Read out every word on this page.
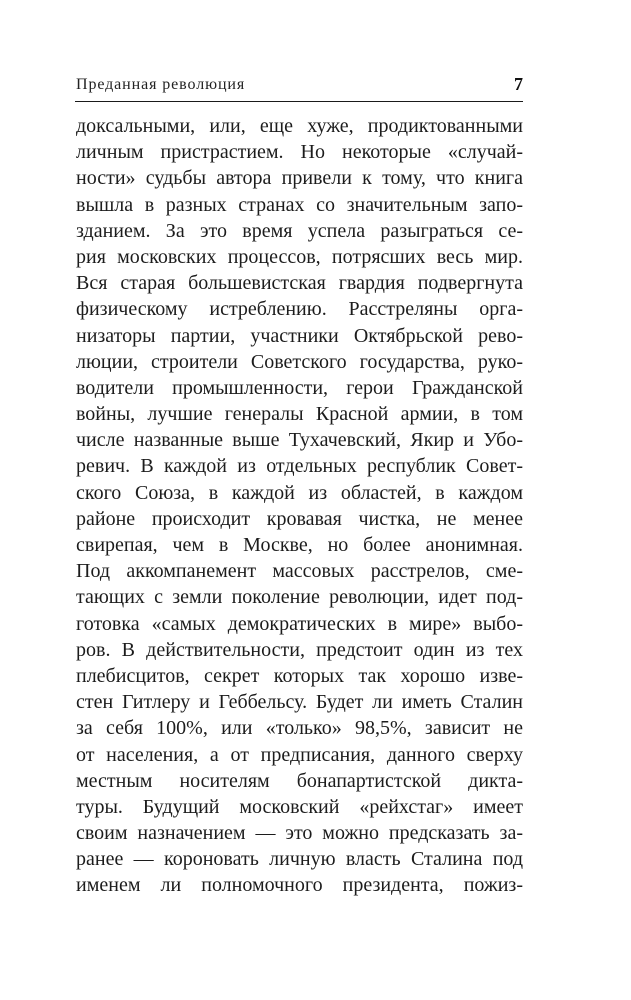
Преданная революция	7
доксальными, или, еще хуже, продиктованными
личным пристрастием. Но некоторые «случай-
ности» судьбы автора привели к тому, что книга
вышла в разных странах со значительным запо-
зданием. За это время успела разыграться се-
рия московских процессов, потрясших весь мир.
Вся старая большевистская гвардия подвергнута
физическому истреблению. Расстреляны орга-
низаторы партии, участники Октябрьской рево-
люции, строители Советского государства, руко-
водители промышленности, герои Гражданской
войны, лучшие генералы Красной армии, в том
числе названные выше Тухачевский, Якир и Убо-
ревич. В каждой из отдельных республик Совет-
ского Союза, в каждой из областей, в каждом
районе происходит кровавая чистка, не менее
свирепая, чем в Москве, но более анонимная.
Под аккомпанемент массовых расстрелов, сме-
тающих с земли поколение революции, идет под-
готовка «самых демократических в мире» выбо-
ров. В действительности, предстоит один из тех
плебисцитов, секрет которых так хорошо изве-
стен Гитлеру и Геббельсу. Будет ли иметь Сталин
за себя 100%, или «только» 98,5%, зависит не
от населения, а от предписания, данного сверху
местным носителям бонапартистской дикта-
туры. Будущий московский «рейхстаг» имеет
своим назначением — это можно предсказать за-
ранее — короновать личную власть Сталина под
именем ли полномочного президента, пожиз-
